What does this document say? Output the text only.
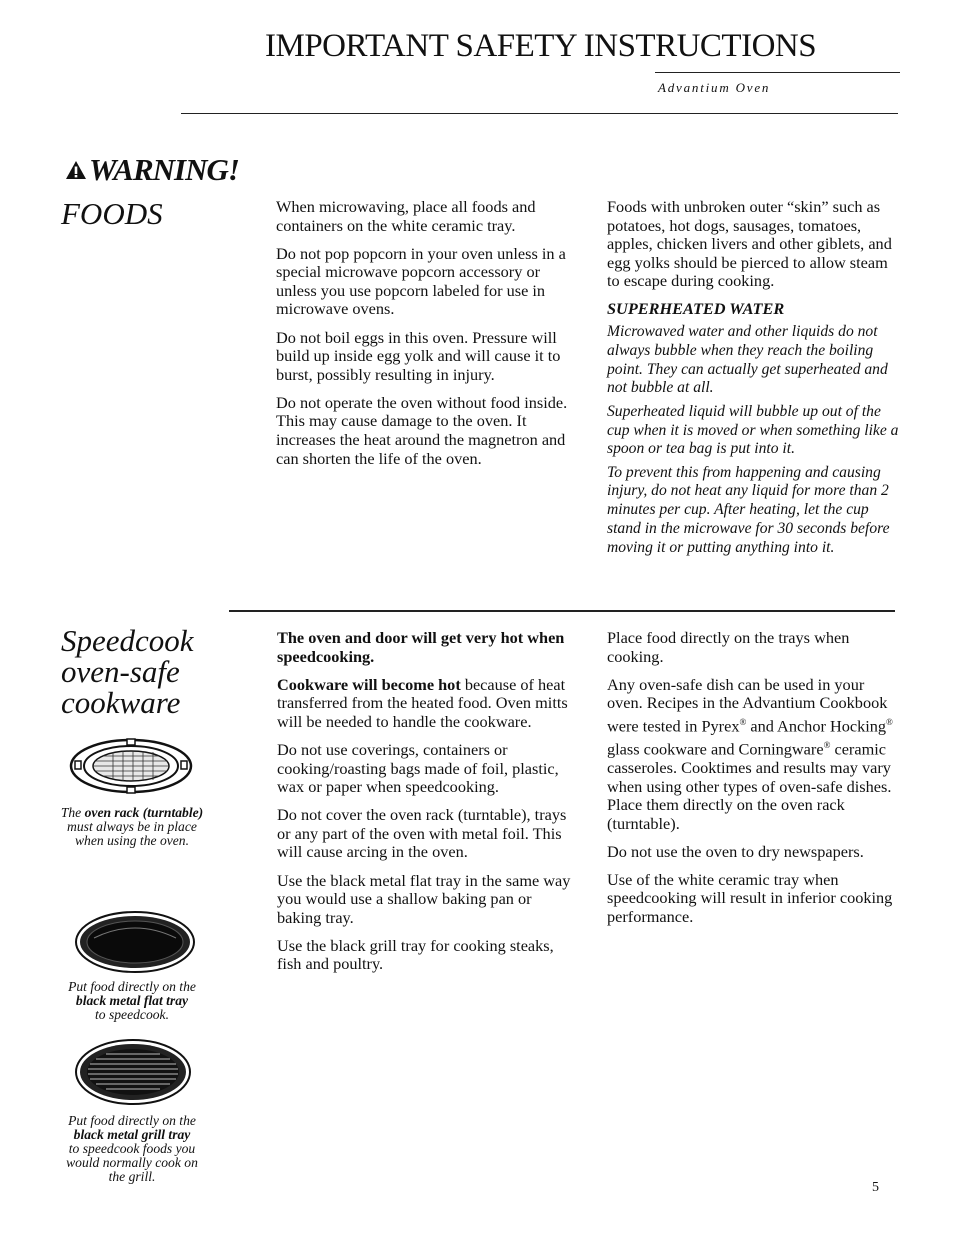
IMPORTANT SAFETY INSTRUCTIONS
Advantium Oven
WARNING!
FOODS	When microwaving, place all foods and containers on the white ceramic tray.

Do not pop popcorn in your oven unless in a special microwave popcorn accessory or unless you use popcorn labeled for use in microwave ovens.

Do not boil eggs in this oven. Pressure will build up inside egg yolk and will cause it to burst, possibly resulting in injury.

Do not operate the oven without food inside. This may cause damage to the oven. It increases the heat around the magnetron and can shorten the life of the oven.

Foods with unbroken outer “skin” such as potatoes, hot dogs, sausages, tomatoes, apples, chicken livers and other giblets, and egg yolks should be pierced to allow steam to escape during cooking.

SUPERHEATED WATER

Microwaved water and other liquids do not always bubble when they reach the boiling point. They can actually get superheated and not bubble at all.

Superheated liquid will bubble up out of the cup when it is moved or when something like a spoon or tea bag is put into it.

To prevent this from happening and causing injury, do not heat any liquid for more than 2 minutes per cup. After heating, let the cup stand in the microwave for 30 seconds before moving it or putting anything into it.

Speedcook oven-safe cookware
The oven rack (turntable) must always be in place when using the oven.
Put food directly on the black metal flat tray
to speedcook.
Put food directly on the black metal grill tray
to speedcook foods you would normally cook on the grill.

The oven and door will get very hot when speedcooking.

Cookware will become hot because of heat transferred from the heated food. Oven mitts will be needed to handle the cookware.

Do not use coverings, containers or cooking/roasting bags made of foil, plastic, wax or paper when speedcooking.

Do not cover the oven rack (turntable), trays or any part of the oven with metal foil. This will cause arcing in the oven.

Use the black metal flat tray in the same way you would use a shallow baking pan or baking tray.

Use the black grill tray for cooking steaks, fish and poultry.

Place food directly on the trays when cooking.

Any oven-safe dish can be used in your oven. Recipes in the Advantium Cookbook were tested in Pyrex® and Anchor Hocking® glass cookware and Corningware® ceramic casseroles. Cooktimes and results may vary when using other types of oven-safe dishes. Place them directly on the oven rack (turntable).

Do not use the oven to dry newspapers.

Use of the white ceramic tray when speedcooking will result in inferior cooking performance.

5
